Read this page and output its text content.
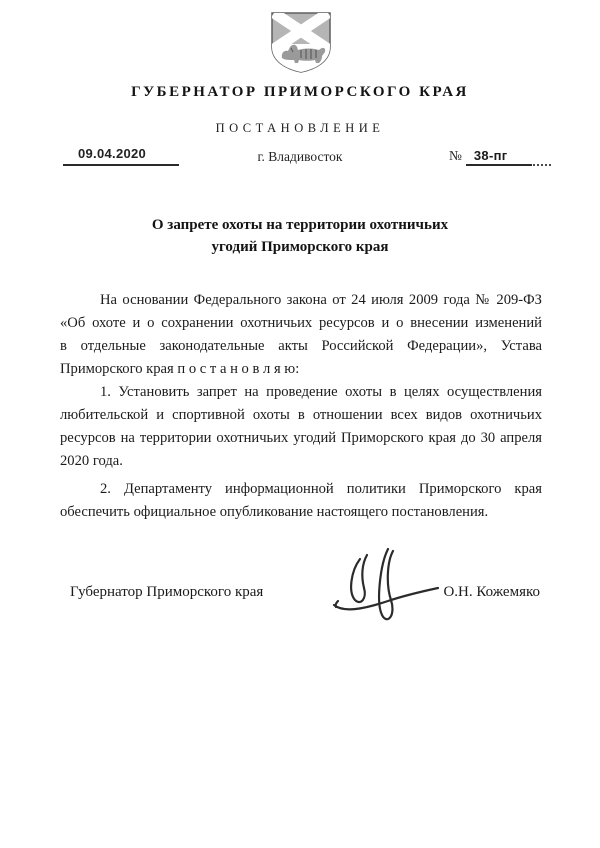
ГУБЕРНАТОР ПРИМОРСКОГО КРАЯ
ПОСТАНОВЛЕНИЕ
09.04.2020	г. Владивосток	№ 38-пг
О запрете охоты на территории охотничьих
угодий Приморского края
На основании Федерального закона от 24 июля 2009 года № 209-ФЗ
«Об охоте и о сохранении охотничьих ресурсов и о внесении изменений
в отдельные законодательные акты Российской Федерации», Устава
Приморского края п о с т а н о в л я ю:
1. Установить запрет на проведение охоты в целях осуществления
любительской и спортивной охоты в отношении всех видов охотничьих
ресурсов на территории охотничьих угодий Приморского края до 30 апреля
2020 года.
2. Департаменту информационной политики Приморского края
обеспечить официальное опубликование настоящего постановления.
Губернатор Приморского края	О.Н. Кожемяко
